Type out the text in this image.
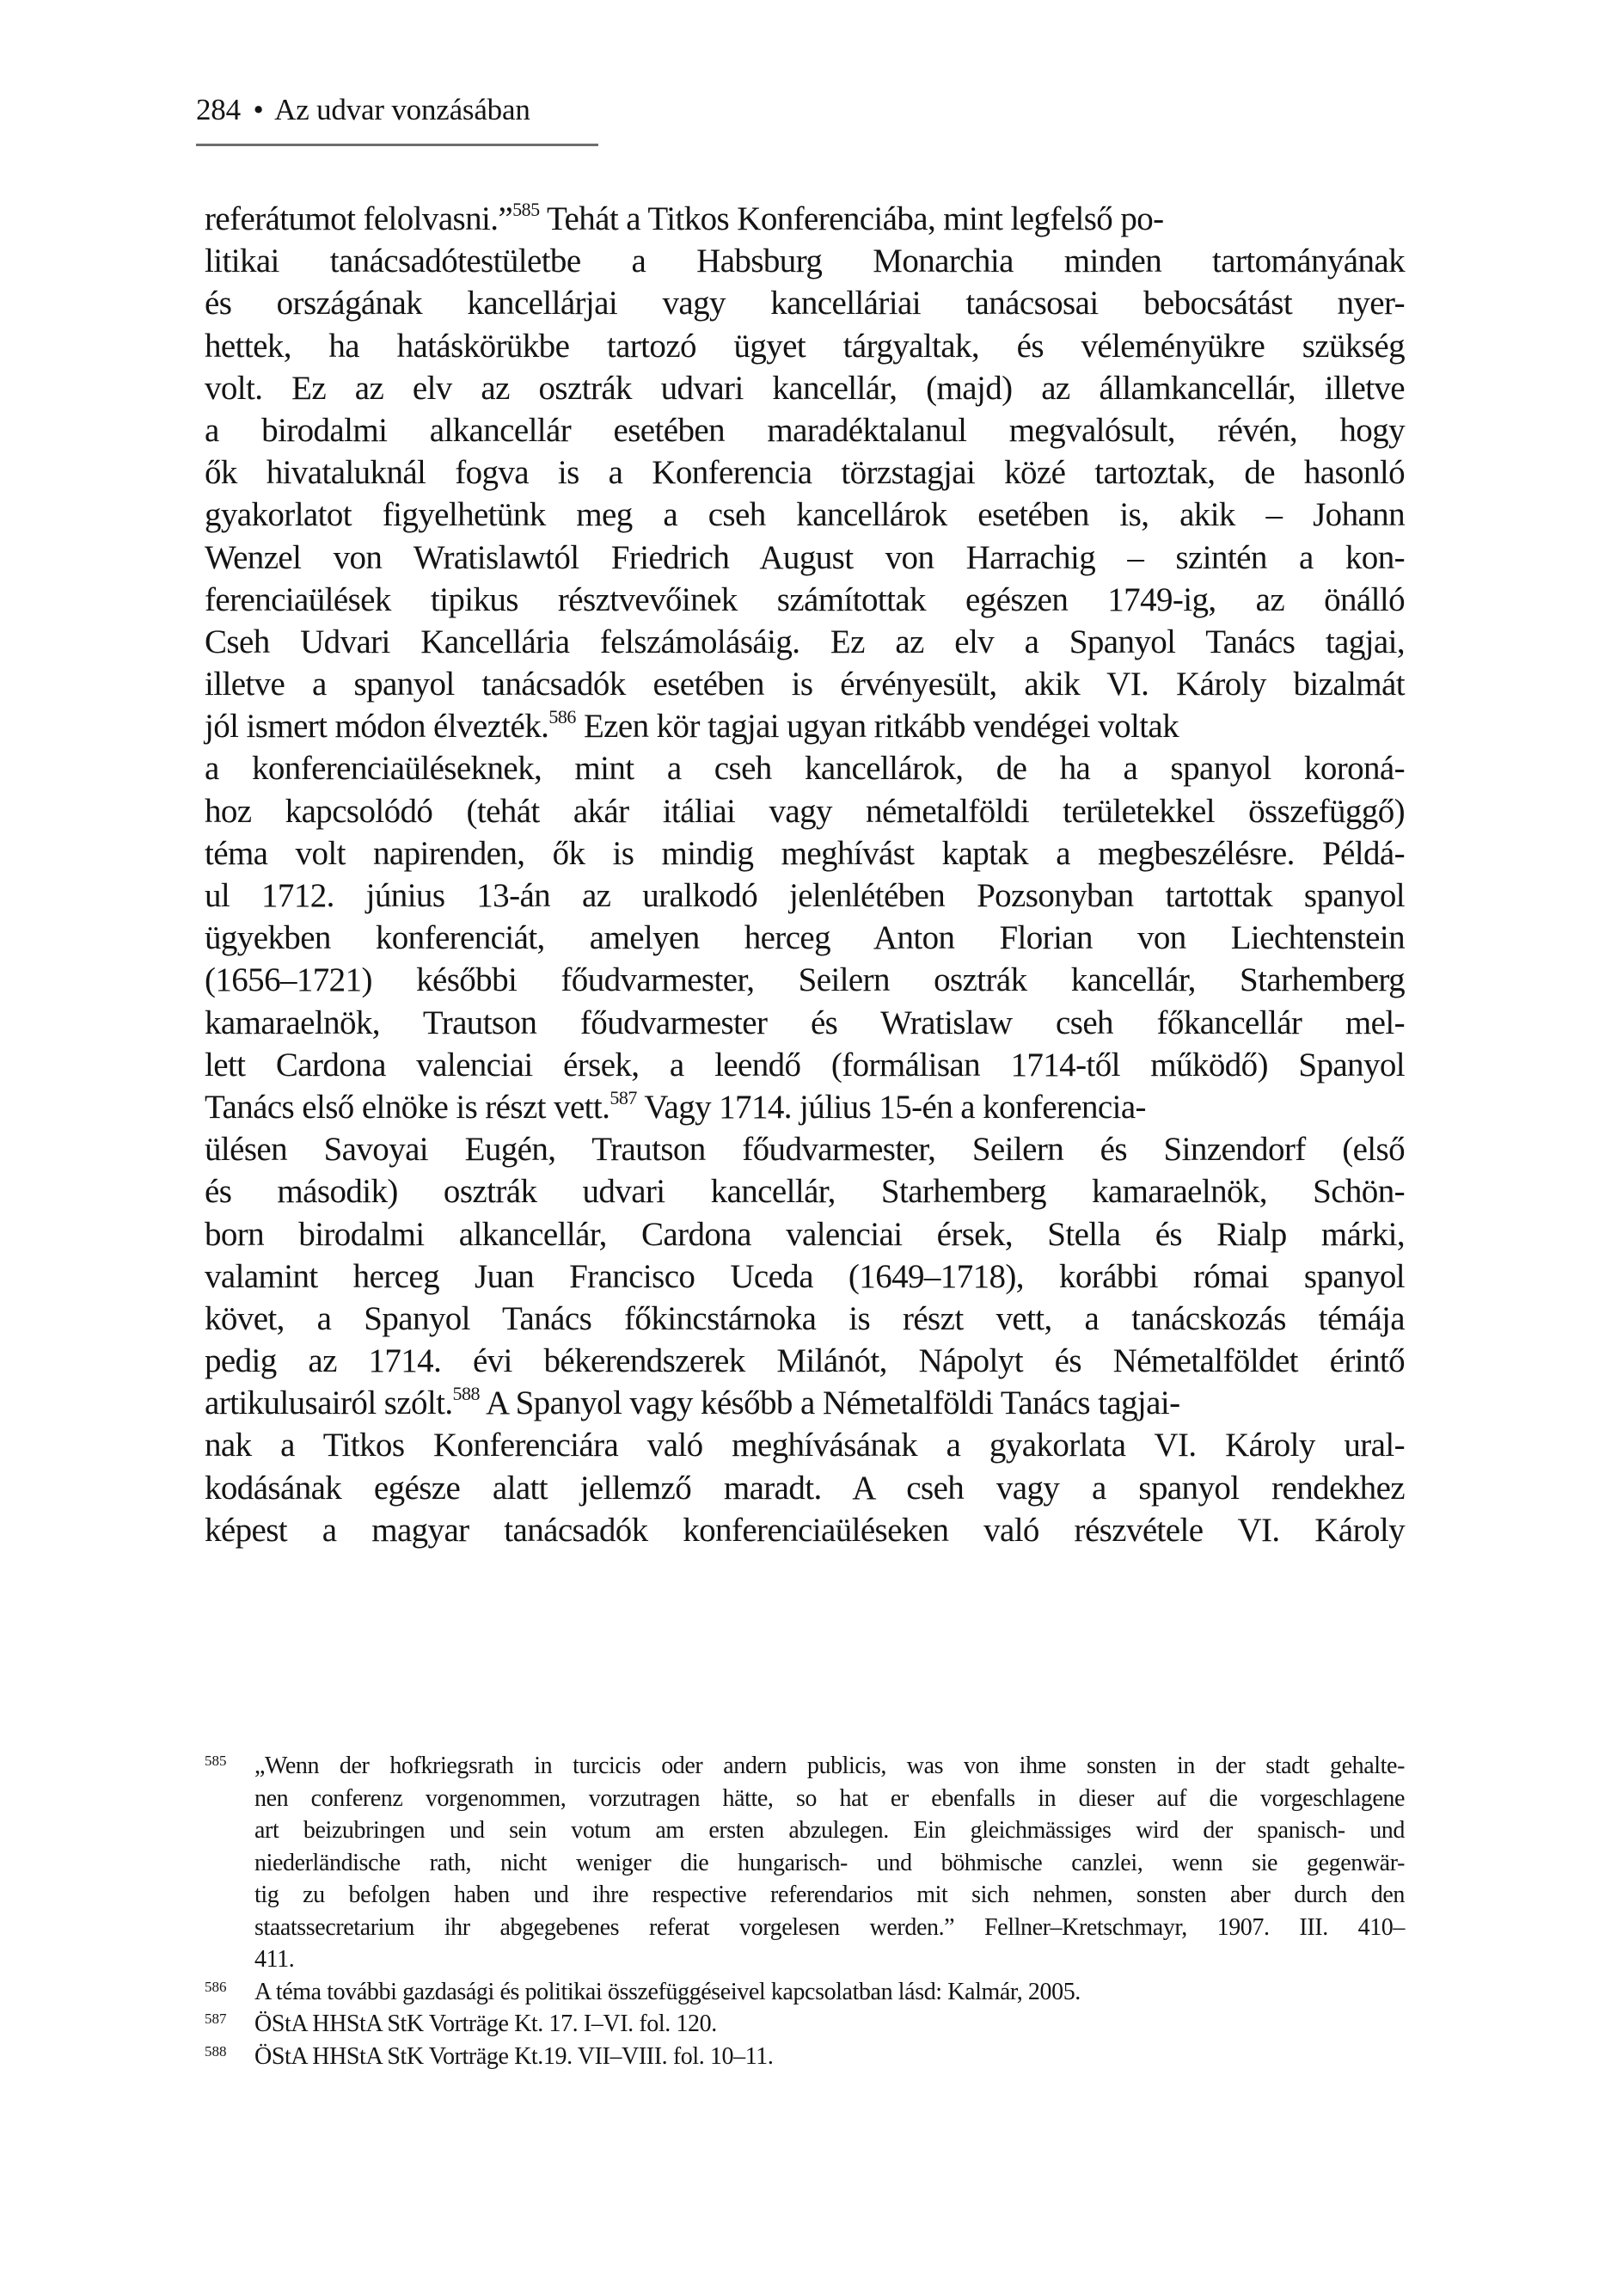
284 • Az udvar vonzásában
referátumot felolvasni.”$^{585}$ Tehát a Titkos Konferenciába, mint legfelső po-
litikai tanácsadótestületbe a Habsburg Monarchia minden tartományának
és országának kancellárjai vagy kancelláriai tanácsosai bebocsátást nyer-
hettek, ha hatáskörükbe tartozó ügyet tárgyaltak, és véleményükre szükség
volt. Ez az elv az osztrák udvari kancellár, (majd) az államkancellár, illetve
a birodalmi alkancellár esetében maradéktalanul megvalósult, révén, hogy
ők hivataluknál fogva is a Konferencia törzstagjai közé tartoztak, de hasonló
gyakorlatot figyelhetünk meg a cseh kancellárok esetében is, akik – Johann
Wenzel von Wratislawtól Friedrich August von Harrachig – szintén a kon-
ferenciaülések tipikus résztvevőinek számítottak egészen 1749-ig, az önálló
Cseh Udvari Kancellária felszámolásáig. Ez az elv a Spanyol Tanács tagjai,
illetve a spanyol tanácsadók esetében is érvényesült, akik VI. Károly bizalmát
jól ismert módon élvezték.$^{586}$ Ezen kör tagjai ugyan ritkább vendégei voltak
a konferenciaüléseknek, mint a cseh kancellárok, de ha a spanyol koroná-
hoz kapcsolódó (tehát akár itáliai vagy németalföldi területekkel összefüggő)
téma volt napirenden, ők is mindig meghívást kaptak a megbeszélésre. Példá-
ul 1712. június 13-án az uralkodó jelenlétében Pozsonyban tartottak spanyol
ügyekben konferenciát, amelyen herceg Anton Florian von Liechtenstein
(1656–1721) későbbi főudvarmester, Seilern osztrák kancellár, Starhemberg
kamaraelnök, Trautson főudvarmester és Wratislaw cseh főkancellár mel-
lett Cardona valenciai érsek, a leendő (formálisan 1714-től működő) Spanyol
Tanács első elnöke is részt vett.$^{587}$ Vagy 1714. július 15-én a konferencia-
ülésen Savoyai Eugén, Trautson főudvarmester, Seilern és Sinzendorf (első
és második) osztrák udvari kancellár, Starhemberg kamaraelnök, Schön-
born birodalmi alkancellár, Cardona valenciai érsek, Stella és Rialp márki,
valamint herceg Juan Francisco Uceda (1649–1718), korábbi római spanyol
követ, a Spanyol Tanács főkincstárnoka is részt vett, a tanácskozás témája
pedig az 1714. évi békerendszerek Milánót, Nápolyt és Németalföldet érintő
artikulusairól szólt.$^{588}$ A Spanyol vagy később a Németalföldi Tanács tagjai-
nak a Titkos Konferenciára való meghívásának a gyakorlata VI. Károly ural-
kodásának egésze alatt jellemző maradt. A cseh vagy a spanyol rendekhez
képest a magyar tanácsadók konferenciaüléseken való részvétele VI. Károly
585 „Wenn der hofkriegsrath in turcicis oder andern publicis, was von ihme sonsten in der stadt gehalte-
nen conferenz vorgenommen, vorzutragen hätte, so hat er ebenfalls in dieser auf die vorgeschlagene
art beizubringen und sein votum am ersten abzulegen. Ein gleichmässiges wird der spanisch- und
niederländische rath, nicht weniger die hungarisch- und böhmische canzlei, wenn sie gegenwär-
tig zu befolgen haben und ihre respective referendarios mit sich nehmen, sonsten aber durch den
staatssecretarium ihr abgegebenes referat vorgelesen werden.” Fellner–Kretschmayr, 1907. III. 410–
411.
586 A téma további gazdasági és politikai összefüggéseivel kapcsolatban lásd: Kalmár, 2005.
587 ÖStA HHStA StK Vorträge Kt. 17. I–VI. fol. 120.
588 ÖStA HHStA StK Vorträge Kt.19. VII–VIII. fol. 10–11.
